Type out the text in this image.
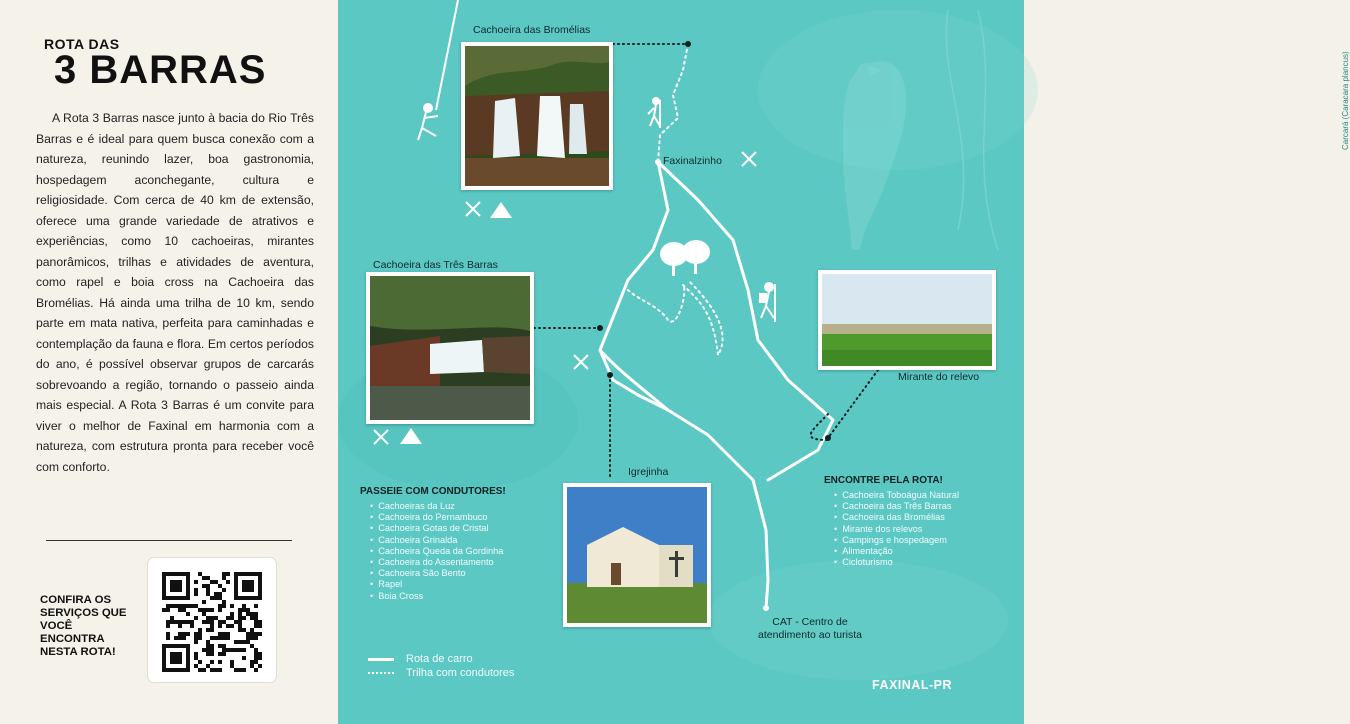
ROTA DAS
3 BARRAS

A Rota 3 Barras nasce junto à bacia do Rio Três Barras e é ideal para quem busca conexão com a natureza, reunindo lazer, boa gastronomia, hospedagem aconchegante, cultura e religiosidade. Com cerca de 40 km de extensão, oferece uma grande variedade de atrativos e experiências, como 10 cachoeiras, mirantes panorâmicos, trilhas e atividades de aventura, como rapel e boia cross na Cachoeira das Bromélias. Há ainda uma trilha de 10 km, sendo parte em mata nativa, perfeita para caminhadas e contemplação da fauna e flora. Em certos períodos do ano, é possível observar grupos de carcarás sobrevoando a região, tornando o passeio ainda mais especial. A Rota 3 Barras é um convite para viver o melhor de Faxinal em harmonia com a natureza, com estrutura pronta para receber você com conforto.

CONFIRA OS SERVIÇOS QUE VOCÊ ENCONTRA NESTA ROTA!
Cachoeira das Bromélias
Cachoeira das Três Barras
Mirante do relevo
Igrejinha
Faxinalzinho
CAT - Centro de atendimento ao turista
Carcará (Caracara plancus)
PASSEIE COM CONDUTORES!
• Cachoeiras da Luz
• Cachoeira do Pernambuco
• Cachoeira Gotas de Cristal
• Cachoeira Grinalda
• Cachoeira Queda da Gordinha
• Cachoeira do Assentamento
• Cachoeira São Bento
• Rapel
• Boia Cross
ENCONTRE PELA ROTA!
• Cachoeira Toboágua Natural
• Cachoeira das Três Barras
• Cachoeira das Bromélias
• Mirante dos relevos
• Campings e hospedagem
• Alimentação
• Cicloturismo
Rota de carro
Trilha com condutores
FAXINAL-PR
